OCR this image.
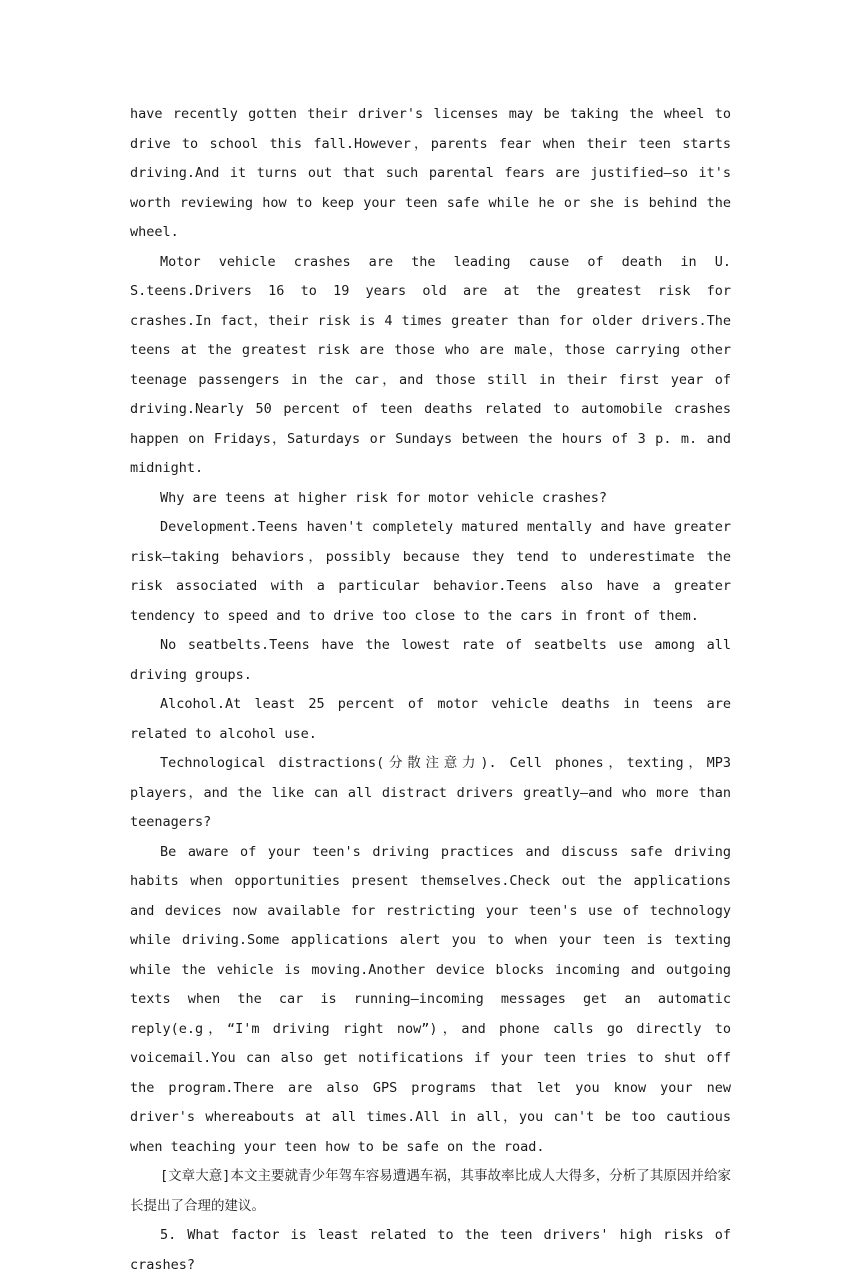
have recently gotten their driver's licenses may be taking the wheel to drive to school this fall.However，parents fear when their teen starts driving.And it turns out that such parental fears are justified—so it's worth reviewing how to keep your teen safe while he or she is behind the wheel.

Motor vehicle crashes are the leading cause of death in U. S.teens.Drivers 16 to 19 years old are at the greatest risk for crashes.In fact，their risk is 4 times greater than for older drivers.The teens at the greatest risk are those who are male，those carrying other teenage passengers in the car，and those still in their first year of driving.Nearly 50 percent of teen deaths related to automobile crashes happen on Fridays，Saturdays or Sundays between the hours of 3 p. m. and midnight.

Why are teens at higher risk for motor vehicle crashes?

Development.Teens haven't completely matured mentally and have greater risk—taking behaviors，possibly because they tend to underestimate the risk associated with a particular behavior.Teens also have a greater tendency to speed and to drive too close to the cars in front of them.

No seatbelts.Teens have the lowest rate of seatbelts use among all driving groups.

Alcohol.At least 25 percent of motor vehicle deaths in teens are related to alcohol use.

Technological distractions(分散注意力). Cell phones，texting，MP3 players，and the like can all distract drivers greatly—and who more than teenagers?

Be aware of your teen's driving practices and discuss safe driving habits when opportunities present themselves.Check out the applications and devices now available for restricting your teen's use of technology while driving.Some applications alert you to when your teen is texting while the vehicle is moving.Another device blocks incoming and outgoing texts when the car is running—incoming messages get an automatic reply(e.g，“I'm driving right now”)，and phone calls go directly to voicemail.You can also get notifications if your teen tries to shut off the program.There are also GPS programs that let you know your new driver's whereabouts at all times.All in all，you can't be too cautious when teaching your teen how to be safe on the road.

[文章大意]本文主要就青少年驾车容易遭遇车祸，其事故率比成人大得多，分析了其原因并给家长提出了合理的建议。

5. What factor is least related to the teen drivers' high risks of crashes?
